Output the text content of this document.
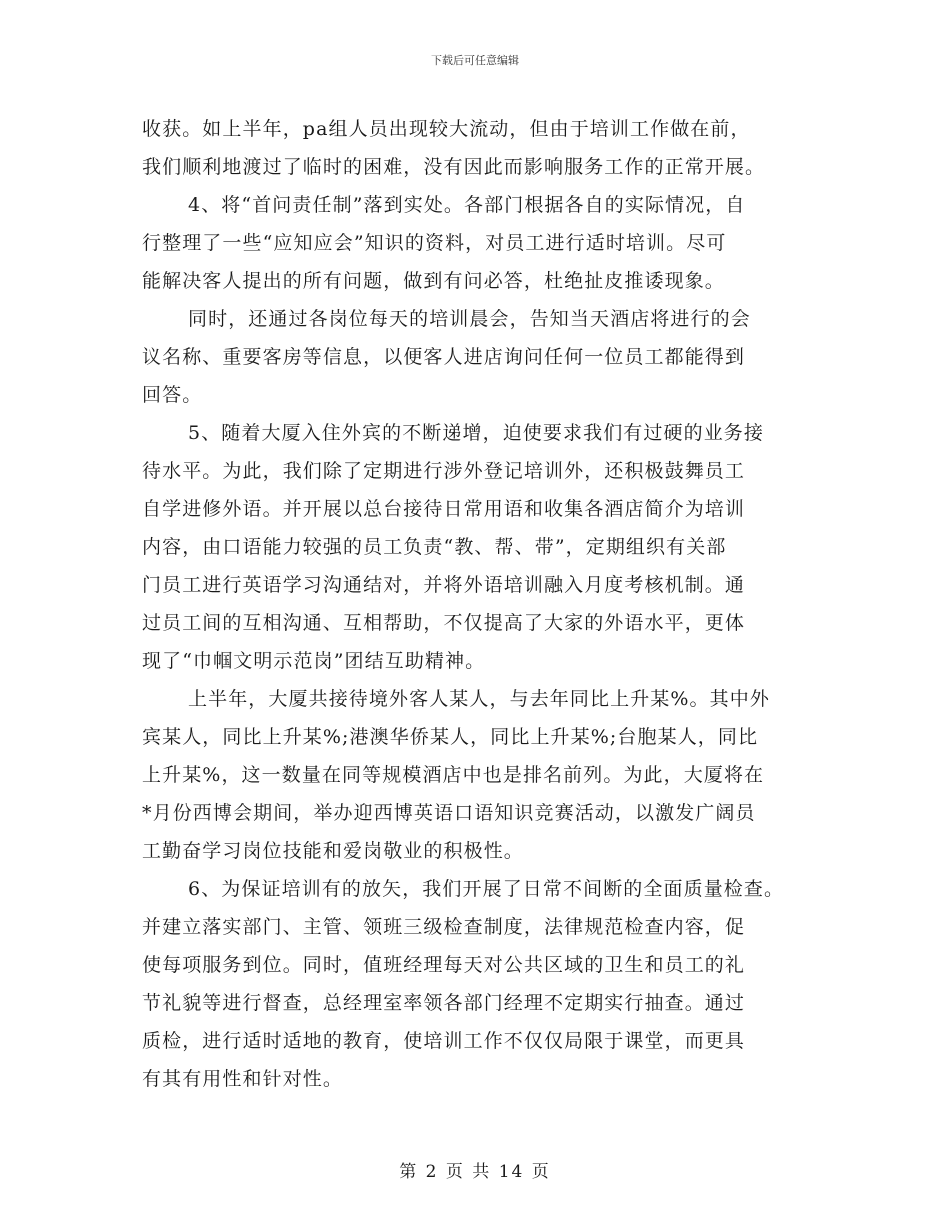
下载后可任意编辑
收获。如上半年，pa组人员出现较大流动，但由于培训工作做在前，
我们顺利地渡过了临时的困难，没有因此而影响服务工作的正常开展。
4、将“首问责任制”落到实处。各部门根据各自的实际情况，自
行整理了一些“应知应会”知识的资料，对员工进行适时培训。尽可
能解决客人提出的所有问题，做到有问必答，杜绝扯皮推诿现象。
同时，还通过各岗位每天的培训晨会，告知当天酒店将进行的会
议名称、重要客房等信息，以便客人进店询问任何一位员工都能得到
回答。
5、随着大厦入住外宾的不断递增，迫使要求我们有过硬的业务接
待水平。为此，我们除了定期进行涉外登记培训外，还积极鼓舞员工
自学进修外语。并开展以总台接待日常用语和收集各酒店简介为培训
内容，由口语能力较强的员工负责“教、帮、带”，定期组织有关部
门员工进行英语学习沟通结对，并将外语培训融入月度考核机制。通
过员工间的互相沟通、互相帮助，不仅提高了大家的外语水平，更体
现了“巾帼文明示范岗”团结互助精神。
上半年，大厦共接待境外客人某人，与去年同比上升某%。其中外
宾某人，同比上升某%;港澳华侨某人，同比上升某%;台胞某人，同比
上升某%，这一数量在同等规模酒店中也是排名前列。为此，大厦将在
*月份西博会期间，举办迎西博英语口语知识竞赛活动，以激发广阔员
工勤奋学习岗位技能和爱岗敬业的积极性。
6、为保证培训有的放矢，我们开展了日常不间断的全面质量检查。
并建立落实部门、主管、领班三级检查制度，法律规范检查内容，促
使每项服务到位。同时，值班经理每天对公共区域的卫生和员工的礼
节礼貌等进行督查，总经理室率领各部门经理不定期实行抽查。通过
质检，进行适时适地的教育，使培训工作不仅仅局限于课堂，而更具
有其有用性和针对性。
第 2 页 共 14 页
